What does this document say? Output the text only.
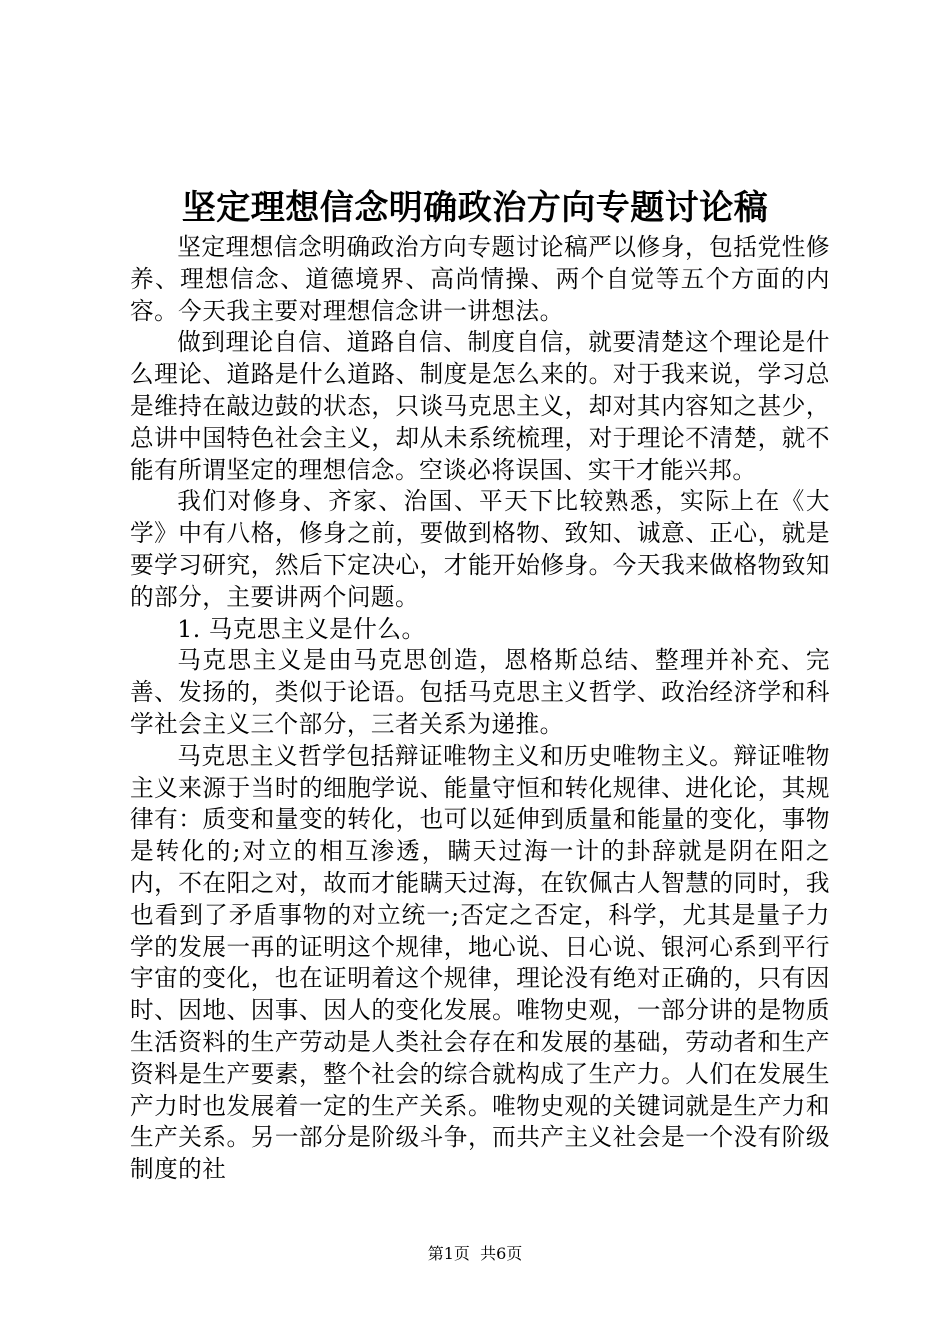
坚定理想信念明确政治方向专题讨论稿

坚定理想信念明确政治方向专题讨论稿严以修身，包括党性修养、理想信念、道德境界、高尚情操、两个自觉等五个方面的内容。今天我主要对理想信念讲一讲想法。

做到理论自信、道路自信、制度自信，就要清楚这个理论是什么理论、道路是什么道路、制度是怎么来的。对于我来说，学习总是维持在敲边鼓的状态，只谈马克思主义，却对其内容知之甚少，总讲中国特色社会主义，却从未系统梳理，对于理论不清楚，就不能有所谓坚定的理想信念。空谈必将误国、实干才能兴邦。

我们对修身、齐家、治国、平天下比较熟悉，实际上在《大学》中有八格，修身之前，要做到格物、致知、诚意、正心，就是要学习研究，然后下定决心，才能开始修身。今天我来做格物致知的部分，主要讲两个问题。

1. 马克思主义是什么。

马克思主义是由马克思创造，恩格斯总结、整理并补充、完善、发扬的，类似于论语。包括马克思主义哲学、政治经济学和科学社会主义三个部分，三者关系为递推。

马克思主义哲学包括辩证唯物主义和历史唯物主义。辩证唯物主义来源于当时的细胞学说、能量守恒和转化规律、进化论，其规律有：质变和量变的转化，也可以延伸到质量和能量的变化，事物是转化的;对立的相互渗透，瞒天过海一计的卦辞就是阴在阳之内，不在阳之对，故而才能瞒天过海，在钦佩古人智慧的同时，我也看到了矛盾事物的对立统一;否定之否定，科学，尤其是量子力学的发展一再的证明这个规律，地心说、日心说、银河心系到平行宇宙的变化，也在证明着这个规律，理论没有绝对正确的，只有因时、因地、因事、因人的变化发展。唯物史观，一部分讲的是物质生活资料的生产劳动是人类社会存在和发展的基础，劳动者和生产资料是生产要素，整个社会的综合就构成了生产力。人们在发展生产力时也发展着一定的生产关系。唯物史观的关键词就是生产力和生产关系。另一部分是阶级斗争，而共产主义社会是一个没有阶级制度的社

第1页 共6页
